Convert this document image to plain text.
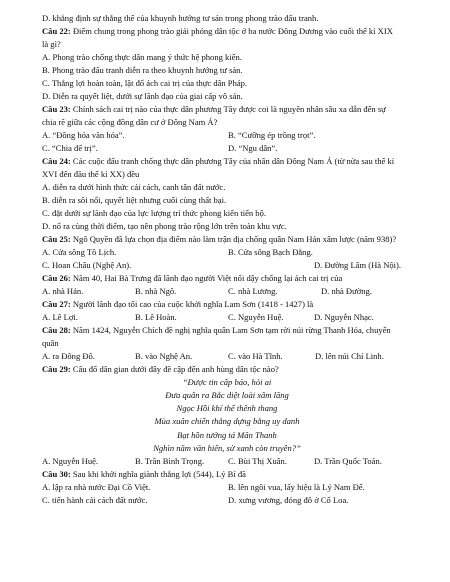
D. khẳng định sự thắng thế của khuynh hướng tư sản trong phong trào đấu tranh.
Câu 22: Điểm chung trong phong trào giải phóng dân tộc ở ba nước Đông Dương vào cuối thế kỉ XIX
là gì?
A. Phong trào chống thực dân mang ý thức hệ phong kiến.
B. Phong trào đấu tranh diễn ra theo khuynh hướng tư sản.
C. Thắng lợi hoàn toàn, lật đổ ách cai trị của thực dân Pháp.
D. Diễn ra quyết liệt, dưới sự lãnh đạo của giai cấp vô sản.
Câu 23: Chính sách cai trị nào của thực dân phương Tây được coi là nguyên nhân sâu xa dẫn đến sự
chia rẽ giữa các cộng đồng dân cư ở Đông Nam Á?
A. “Đồng hóa văn hóa”.	B. “Cưỡng ép trồng trọt”.
C. “Chia để trị”.	D. “Ngu dân”.
Câu 24: Các cuộc đấu tranh chống thực dân phương Tây của nhân dân Đông Nam Á (từ nửa sau thế kỉ
XVI đến đầu thế kỉ XX) đều
A. diễn ra dưới hình thức cải cách, canh tân đất nước.
B. diễn ra sôi nổi, quyết liệt nhưng cuối cùng thất bại.
C. đặt dưới sự lãnh đạo của lực lượng trí thức phong kiến tiến bộ.
D. nổ ra cùng thời điểm, tạo nên phong trào rộng lớn trên toàn khu vực.
Câu 25: Ngô Quyền đã lựa chọn địa điểm nào làm trận địa chống quân Nam Hán xâm lược (năm 938)?
A. Cửa sông Tô Lịch.	B. Cửa sông Bạch Đằng.
C. Hoan Châu (Nghệ An).	D. Đường Lâm (Hà Nội).
Câu 26: Năm 40, Hai Bà Trưng đã lãnh đạo người Việt nổi dậy chống lại ách cai trị của
A. nhà Hán.	B. nhà Ngô.	C. nhà Lương.	D. nhà Đường.
Câu 27: Người lãnh đạo tối cao của cuộc khởi nghĩa Lam Sơn (1418 - 1427) là
A. Lê Lợi.	B. Lê Hoàn.	C. Nguyễn Huệ.	D. Nguyễn Nhạc.
Câu 28: Năm 1424, Nguyễn Chích đề nghị nghĩa quân Lam Sơn tạm rời núi rừng Thanh Hóa, chuyển
quân
A. ra Đông Đô.	B. vào Nghệ An.	C. vào Hà Tĩnh.	D. lên núi Chí Linh.
Câu 29: Câu đố dân gian dưới đây đề cập đến anh hùng dân tộc nào?
“Được tin cấp báo, hỏi ai
Đưa quân ra Bắc diệt loài xâm lăng
Ngọc Hồi khí thế thênh thang
Mùa xuân chiến thắng dựng bằng uy danh
Bạt hồn tướng tá Mãn Thanh
Nghìn năm văn hiến, sử xanh còn truyền?”
A. Nguyễn Huệ.	B. Trần Bình Trọng.	C. Bùi Thị Xuân.	D. Trần Quốc Toản.
Câu 30: Sau khi khởi nghĩa giành thắng lợi (544), Lý Bí đã
A. lập ra nhà nước Đại Cồ Việt.	B. lên ngôi vua, lấy hiệu là Lý Nam Đế.
C. tiến hành cải cách đất nước.	D. xưng vương, đóng đô ở Cổ Loa.
